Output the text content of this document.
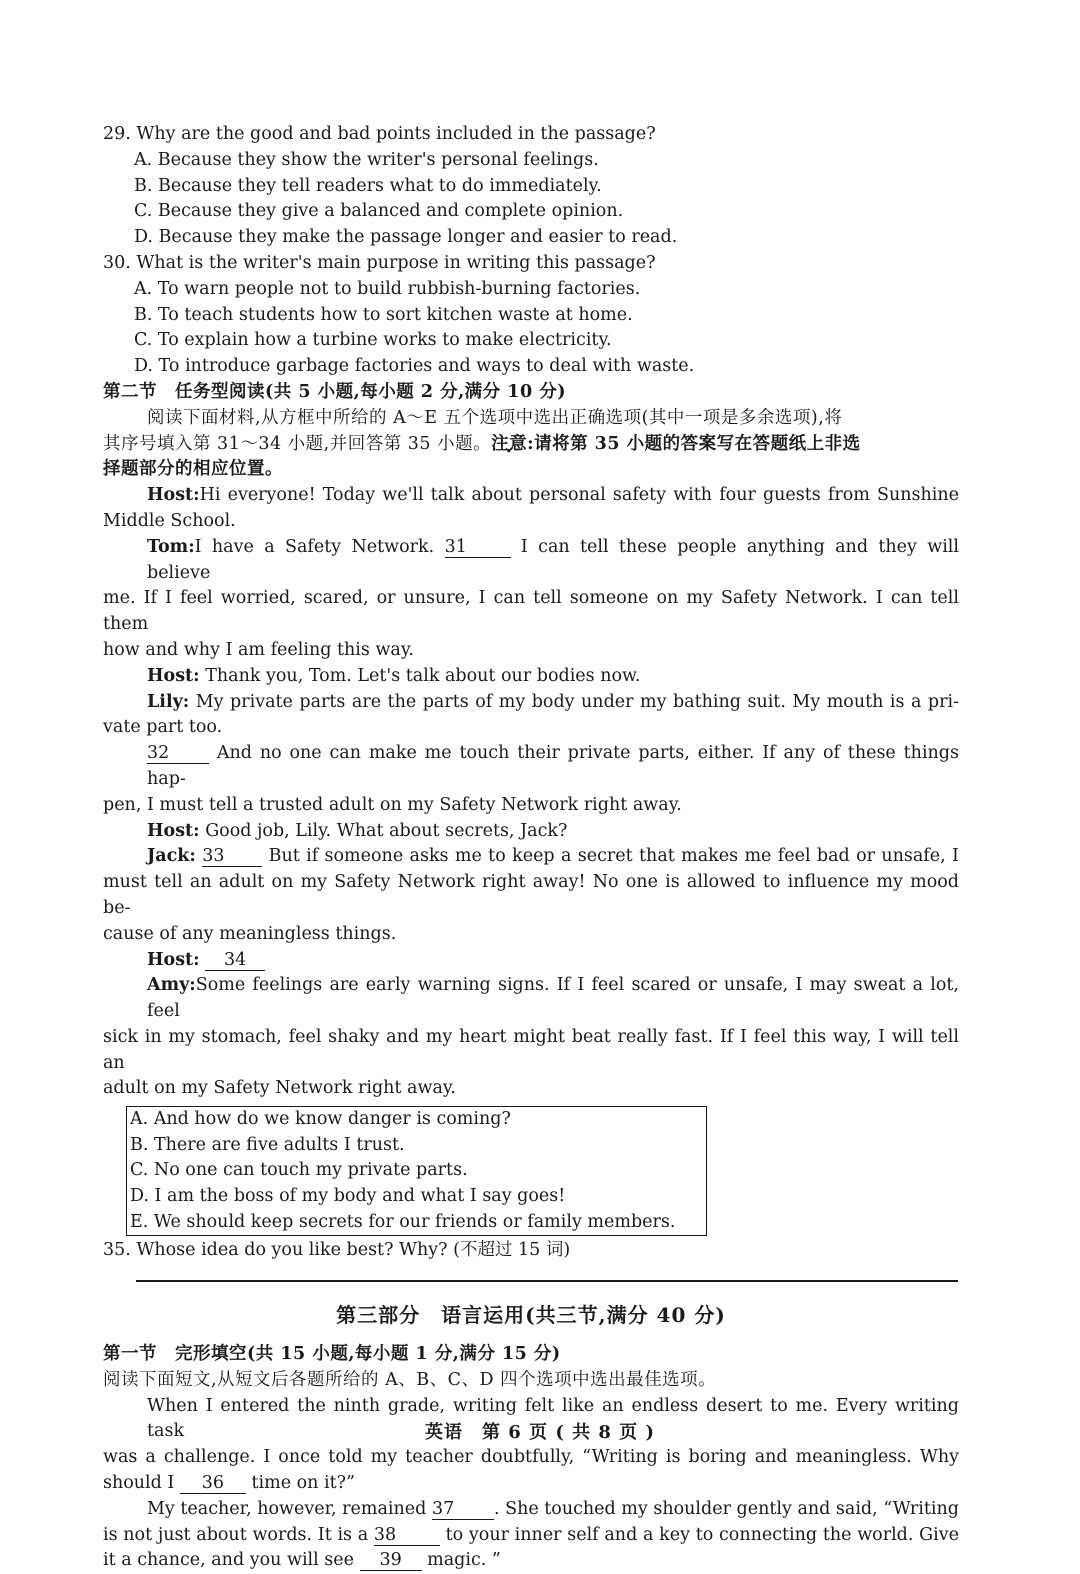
29. Why are the good and bad points included in the passage?
A. Because they show the writer's personal feelings.
B. Because they tell readers what to do immediately.
C. Because they give a balanced and complete opinion.
D. Because they make the passage longer and easier to read.
30. What is the writer's main purpose in writing this passage?
A. To warn people not to build rubbish-burning factories.
B. To teach students how to sort kitchen waste at home.
C. To explain how a turbine works to make electricity.
D. To introduce garbage factories and ways to deal with waste.
第二节　任务型阅读(共 5 小题,每小题 2 分,满分 10 分)
阅读下面材料,从方框中所给的 A～E 五个选项中选出正确选项(其中一项是多余选项),将
其序号填入第 31～34 小题,并回答第 35 小题。注意:请将第 35 小题的答案写在答题纸上非选
择题部分的相应位置。
Host:Hi everyone! Today we'll talk about personal safety with four guests from Sunshine
Middle School.
Tom:I have a Safety Network. 31	I can tell these people anything and they will believe
me. If I feel worried, scared, or unsure, I can tell someone on my Safety Network. I can tell them
how and why I am feeling this way.
Host: Thank you, Tom. Let's talk about our bodies now.
Lily: My private parts are the parts of my body under my bathing suit. My mouth is a pri-
vate part too.
32	And no one can make me touch their private parts, either. If any of these things hap-
pen, I must tell a trusted adult on my Safety Network right away.
Host: Good job, Lily. What about secrets, Jack?
Jack: 33	But if someone asks me to keep a secret that makes me feel bad or unsafe, I
must tell an adult on my Safety Network right away! No one is allowed to influence my mood be-
cause of any meaningless things.
Host: 34
Amy:Some feelings are early warning signs. If I feel scared or unsafe, I may sweat a lot, feel
sick in my stomach, feel shaky and my heart might beat really fast. If I feel this way, I will tell an
adult on my Safety Network right away.
A. And how do we know danger is coming?
B. There are five adults I trust.
C. No one can touch my private parts.
D. I am the boss of my body and what I say goes!
E. We should keep secrets for our friends or family members.
35. Whose idea do you like best? Why? (不超过 15 词)
第三部分　语言运用(共三节,满分 40 分)
第一节　完形填空(共 15 小题,每小题 1 分,满分 15 分)
阅读下面短文,从短文后各题所给的 A、B、C、D 四个选项中选出最佳选项。
When I entered the ninth grade, writing felt like an endless desert to me. Every writing task
was a challenge. I once told my teacher doubtfully, “Writing is boring and meaningless. Why
should I 36 time on it?”
My teacher, however, remained 37 . She touched my shoulder gently and said, “Writing
is not just about words. It is a 38	to your inner self and a key to connecting the world. Give
it a chance, and you will see 39 magic. ”
英语　第 6 页 ( 共 8 页 )
